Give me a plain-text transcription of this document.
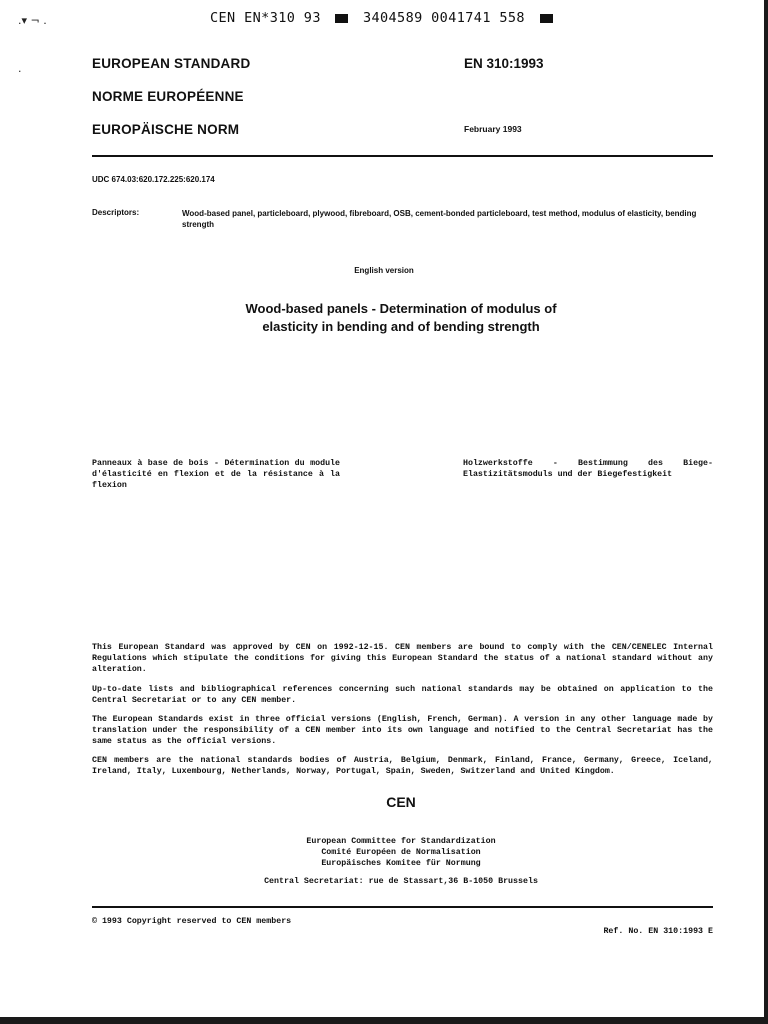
.▾ ¬ .
.
CEN EN*310 93	3404589 0041741 558
EUROPEAN STANDARD
NORME EUROPÉENNE
EUROPÄISCHE NORM
EN 310:1993
February 1993
UDC 674.03:620.172.225:620.174
Descriptors:	Wood-based panel, particleboard, plywood, fibreboard, OSB, cement-bonded particleboard, test method, modulus of elasticity, bending strength
English version
Wood-based panels - Determination of modulus of
elasticity in bending and of bending strength
Panneaux à base de bois - Détermination du module d'élasticité en flexion et de la résistance à la flexion
Holzwerkstoffe - Bestimmung des Biege-Elastizitätsmoduls und der Biegefestigkeit
This European Standard was approved by CEN on 1992-12-15. CEN members are bound to comply with the CEN/CENELEC Internal Regulations which stipulate the conditions for giving this European Standard the status of a national standard without any alteration.
Up-to-date lists and bibliographical references concerning such national standards may be obtained on application to the Central Secretariat or to any CEN member.
The European Standards exist in three official versions (English, French, German). A version in any other language made by translation under the responsibility of a CEN member into its own language and notified to the Central Secretariat has the same status as the official versions.
CEN members are the national standards bodies of Austria, Belgium, Denmark, Finland, France, Germany, Greece, Iceland, Ireland, Italy, Luxembourg, Netherlands, Norway, Portugal, Spain, Sweden, Switzerland and United Kingdom.
CEN
European Committee for Standardization
Comité Européen de Normalisation
Europäisches Komitee für Normung
Central Secretariat: rue de Stassart,36 B-1050 Brussels
© 1993 Copyright reserved to CEN members
Ref. No. EN 310:1993 E
